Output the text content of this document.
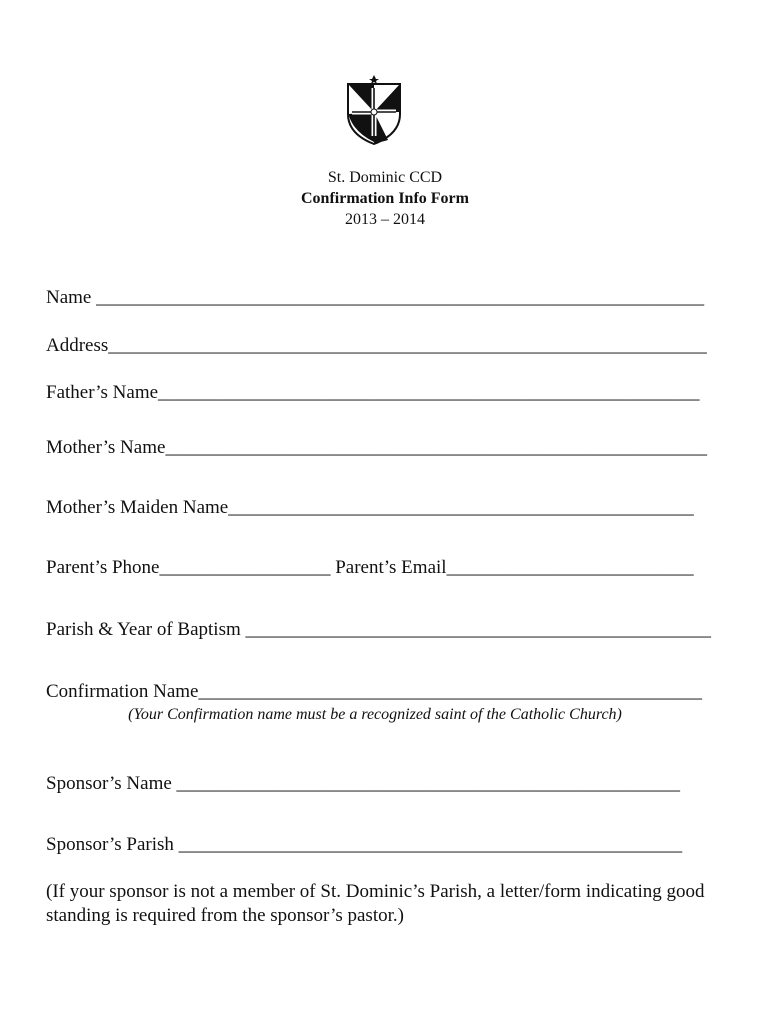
St. Dominic CCD
Confirmation Info Form
2013 – 2014
Name ________________________________________________________________
Address_______________________________________________________________
Father’s Name_________________________________________________________
Mother’s Name_________________________________________________________
Mother’s Maiden Name_________________________________________________
Parent’s Phone__________________ Parent’s Email__________________________
Parish & Year of Baptism _________________________________________________
Confirmation Name_____________________________________________________
(Your Confirmation name must be a recognized saint of the Catholic Church)
Sponsor’s Name _____________________________________________________
Sponsor’s Parish _____________________________________________________
(If your sponsor is not a member of St. Dominic’s Parish, a letter/form indicating good standing is required from the sponsor’s pastor.)
